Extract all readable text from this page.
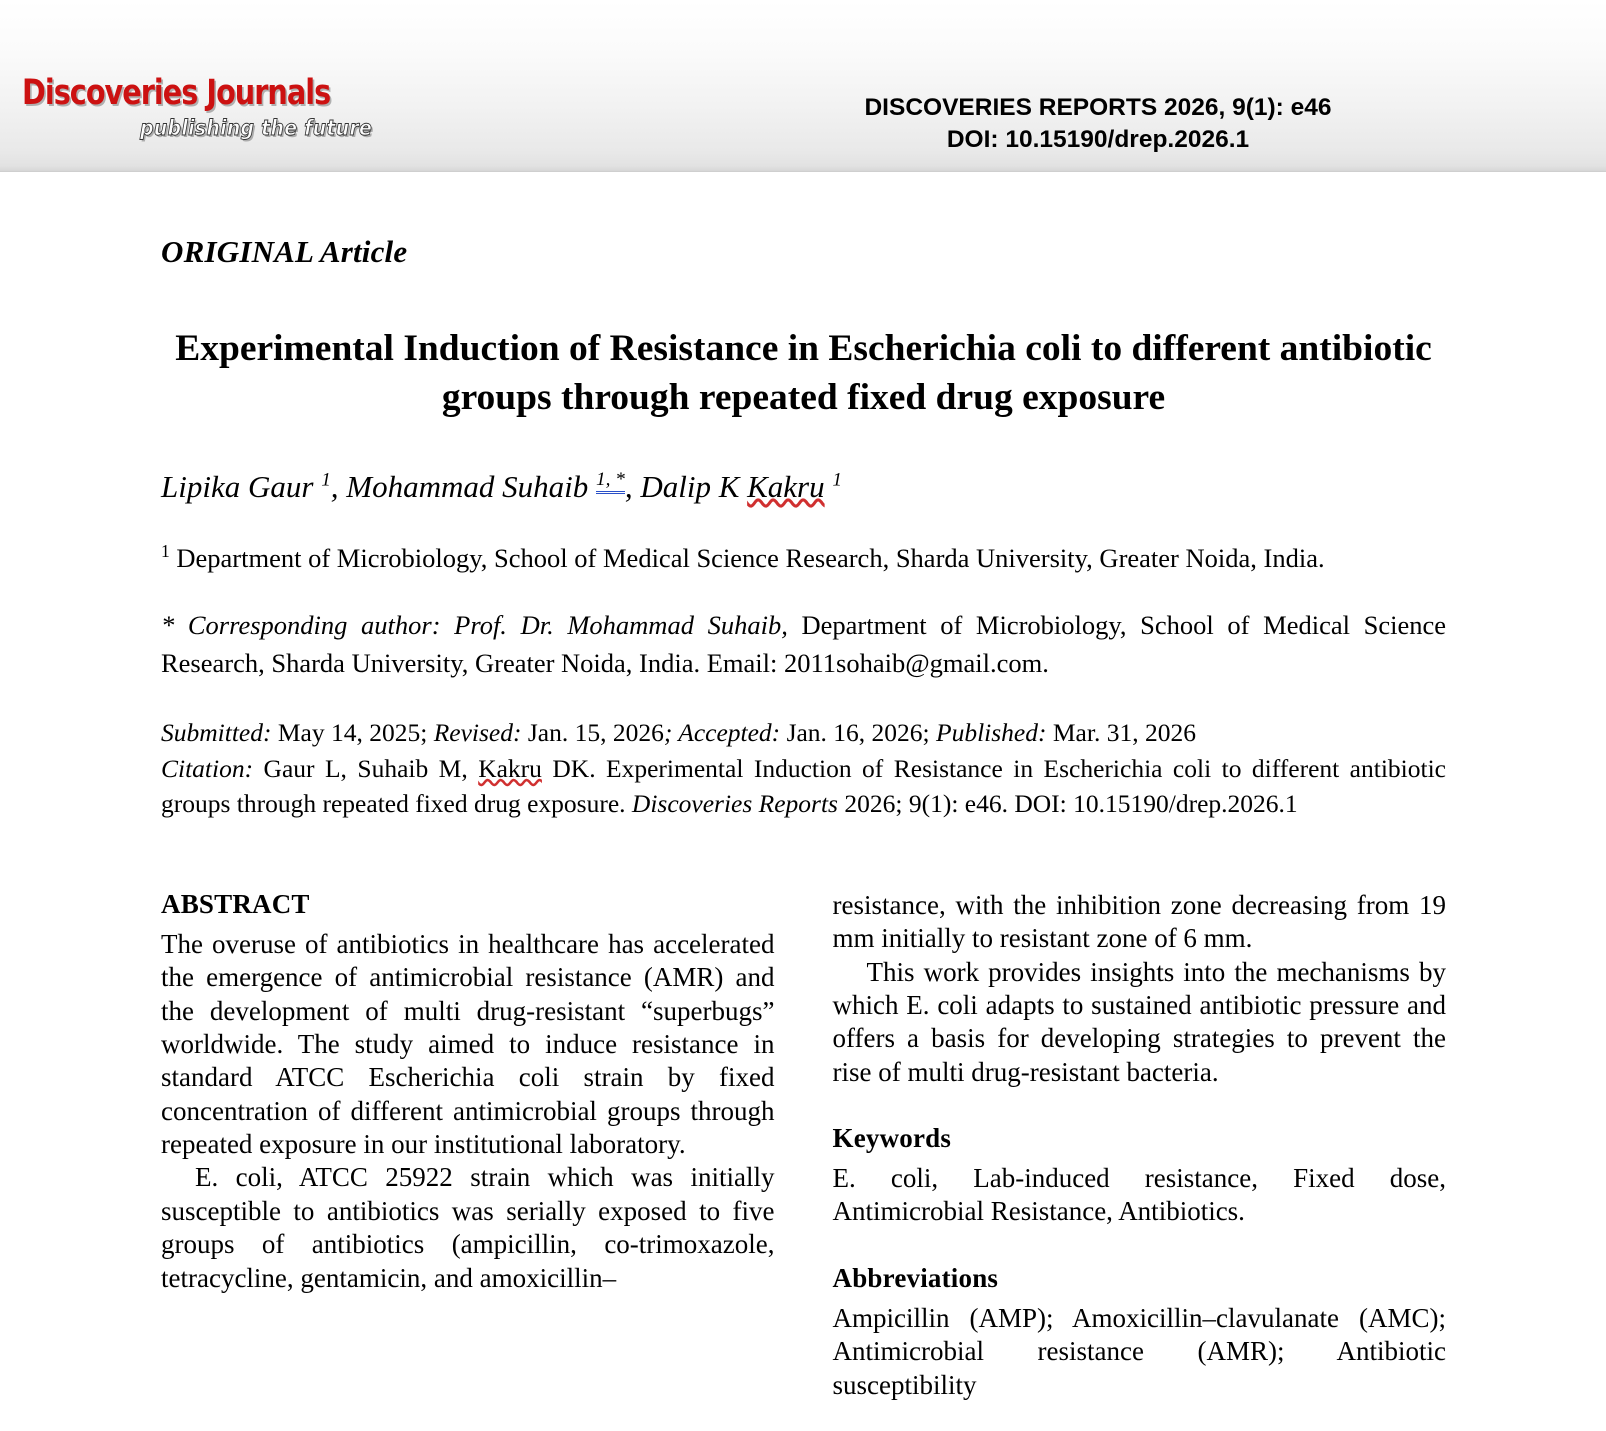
Discoveries Journals
publishing the future
DISCOVERIES REPORTS 2026, 9(1): e46
DOI: 10.15190/drep.2026.1
ORIGINAL Article
Experimental Induction of Resistance in Escherichia coli to different antibiotic groups through repeated fixed drug exposure
Lipika Gaur $^1$, Mohammad Suhaib $^{1, *}$, Dalip K Kakru $^1$
$^1$ Department of Microbiology, School of Medical Science Research, Sharda University, Greater Noida, India.
* Corresponding author: Prof. Dr. Mohammad Suhaib, Department of Microbiology, School of Medical Science Research, Sharda University, Greater Noida, India. Email: 2011sohaib@gmail.com.
Submitted: May 14, 2025; Revised: Jan. 15, 2026; Accepted: Jan. 16, 2026; Published: Mar. 31, 2026
Citation: Gaur L, Suhaib M, Kakru DK. Experimental Induction of Resistance in Escherichia coli to different antibiotic groups through repeated fixed drug exposure. Discoveries Reports 2026; 9(1): e46. DOI: 10.15190/drep.2026.1
ABSTRACT

The overuse of antibiotics in healthcare has accelerated the emergence of antimicrobial resistance (AMR) and the development of multi drug-resistant “superbugs” worldwide. The study aimed to induce resistance in standard ATCC Escherichia coli strain by fixed concentration of different antimicrobial groups through repeated exposure in our institutional laboratory.

E. coli, ATCC 25922 strain which was initially susceptible to antibiotics was serially exposed to five groups of antibiotics (ampicillin, co-trimoxazole, tetracycline, gentamicin, and amoxicillin–

resistance, with the inhibition zone decreasing from 19 mm initially to resistant zone of 6 mm.

This work provides insights into the mechanisms by which E. coli adapts to sustained antibiotic pressure and offers a basis for developing strategies to prevent the rise of multi drug-resistant bacteria.

Keywords

E. coli, Lab-induced resistance, Fixed dose, Antimicrobial Resistance, Antibiotics.

Abbreviations

Ampicillin (AMP); Amoxicillin–clavulanate (AMC); Antimicrobial resistance (AMR); Antibiotic susceptibility
